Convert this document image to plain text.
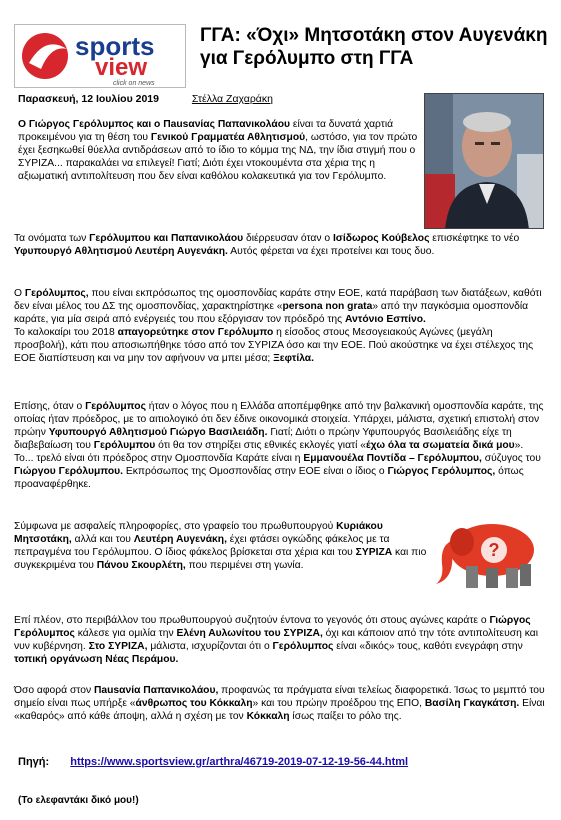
sports
view
click on news
ΓΓΑ: «Όχι» Μητσοτάκη στον Αυγενάκη για Γερόλυμπο στη ΓΓΑ
Παρασκευή, 12 Ιουλίου 2019	Στέλλα Ζαχαράκη
Ο Γιώργος Γερόλυμπος και ο Πausανίας Παπανικολάου είναι τα δυνατά χαρτιά προκειμένου για τη θέση του Γενικού Γραμματέα Αθλητισμού, ωστόσο, για τον πρώτο έχει ξεσηκωθεί θύελλα αντιδράσεων από το ίδιο το κόμμα της ΝΔ, την ίδια στιγμή που ο ΣΥΡΙΖΑ... παρακαλάει να επιλεγεί! Γιατί; Διότι έχει ντοκουμέντα στα χέρια της η αξιωματική αντιπολίτευση που δεν είναι καθόλου κολακευτικά για τον Γερόλυμπο.
Τα ονόματα των Γερόλυμπου και Παπανικολάου διέρρευσαν όταν ο Ισίδωρος Κούβελος επισκέφτηκε το νέο Υφυπουργό Αθλητισμού Λευτέρη Αυγενάκη. Αυτός φέρεται να έχει προτείνει και τους δυο.
Ο Γερόλυμπος, που είναι εκπρόσωπος της ομοσπονδίας καράτε στην ΕΟΕ, κατά παράβαση των διατάξεων, καθότι δεν είναι μέλος του ΔΣ της ομοσπονδίας, χαρακτηρίστηκε «persona non grata» από την παγκόσμια ομοσπονδία καράτε, για μία σειρά από ενέργειές του που εξόργισαν τον πρόεδρό της Αντόνιο Εσπίνο.
Το καλοκαίρι του 2018 απαγορεύτηκε στον Γερόλυμπο η είσοδος στους Μεσογειακούς Αγώνες (μεγάλη προσβολή), κάτι που αποσιωπήθηκε τόσο από τον ΣΥΡΙΖΑ όσο και την ΕΟΕ. Πού ακούστηκε να έχει στέλεχος της ΕΟΕ διαπίστευση και να μην τον αφήνουν να μπει μέσα; Ξεφτίλα.
Επίσης, όταν ο Γερόλυμπος ήταν ο λόγος που η Ελλάδα αποπέμφθηκε από την βαλκανική ομοσπονδία καράτε, της οποίας ήταν πρόεδρος, με το αιτιολογικό ότι δεν έδινε οικονομικά στοιχεία. Υπάρχει, μάλιστα, σχετική επιστολή στον πρώην Υφυπουργό Αθλητισμού Γιώργο Βασιλειάδη. Γιατί; Διότι ο πρώην Υφυπουργός Βασιλειάδης είχε τη διαβεβαίωση του Γερόλυμπου ότι θα τον στηρίξει στις εθνικές εκλογές γιατί «έχω όλα τα σωματεία δικά μου».
Το... τρελό είναι ότι πρόεδρος στην Ομοσπονδία Καράτε είναι η Εμμανουέλα Ποντίδα – Γερόλυμπου, σύζυγος του Γιώργου Γερόλυμπου. Εκπρόσωπος της Ομοσπονδίας στην ΕΟΕ είναι ο ίδιος ο Γιώργος Γερόλυμπος, όπως προαναφέρθηκε.
Σύμφωνα με ασφαλείς πληροφορίες, στο γραφείο του πρωθυπουργού Κυριάκου Μητσοτάκη, αλλά και του Λευτέρη Αυγενάκη, έχει φτάσει ογκώδης φάκελος με τα πεπραγμένα του Γερόλυμπου. Ο ίδιος φάκελος βρίσκεται στα χέρια και του ΣΥΡΙΖΑ και πιο συγκεκριμένα του Πάνου Σκουρλέτη, που περιμένει στη γωνία.
?
Επί πλέον, στο περιβάλλον του πρωθυπουργού συζητούν έντονα το γεγονός ότι στους αγώνες καράτε ο Γιώργος Γερόλυμπος κάλεσε για ομιλία την Ελένη Αυλωνίτου του ΣΥΡΙΖΑ, όχι και κάποιον από την τότε αντιπολίτευση και νυν κυβέρνηση. Στο ΣΥΡΙΖΑ, μάλιστα, ισχυρίζονται ότι ο Γερόλυμπος είναι «δικός» τους, καθότι ενεγράφη στην τοπική οργάνωση Νέας Περάμου.
Όσο αφορά στον Πausανία Παπανικολάου, προφανώς τα πράγματα είναι τελείως διαφορετικά. Ίσως το μεμπτό του σημείο είναι πως υπήρξε «άνθρωπος του Κόκκαλη» και του πρώην προέδρου της ΕΠΟ, Βασίλη Γκαγκάτση. Είναι «καθαρός» από κάθε άποψη, αλλά η σχέση με τον Κόκκαλη ίσως παίξει το ρόλο της.
Πηγή: https://www.sportsview.gr/arthra/46719-2019-07-12-19-56-44.html
(Το ελεφαντάκι δικό μου!)
